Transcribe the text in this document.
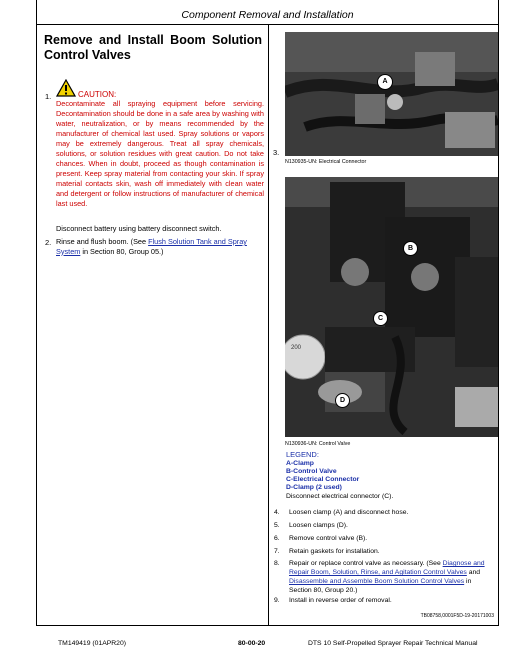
Component Removal and Installation
Remove and Install Boom Solution Control Valves
1.	CAUTION:
Decontaminate all spraying equipment before servicing. Decontamination should be done in a safe area by washing with water, neutralization, or by means recommended by the manufacturer of chemical last used. Spray solutions or vapors may be extremely dangerous. Treat all spray chemicals, solutions, or solution residues with great caution. Do not take chances. When in doubt, proceed as though contamination is present. Keep spray material from contacting your skin. If spray material contacts skin, wash off immediately with clean water and detergent or follow instructions of manufacturer of chemical last used.
Disconnect battery using battery disconnect switch.
2. Rinse and flush boom. (See Flush Solution Tank and Spray System in Section 80, Group 05.)
3.
A
N130935-UN: Electrical Connector
200
B
C
D
N130936-UN: Control Valve
LEGEND:
A-Clamp
B-Control Valve
C-Electrical Connector
D-Clamp (2 used)
Disconnect electrical connector (C).
4. Loosen clamp (A) and disconnect hose.
5. Loosen clamps (D).
6. Remove control valve (B).
7. Retain gaskets for installation.
8. Repair or replace control valve as necessary. (See Diagnose and Repair Boom, Solution, Rinse, and Agitation Control Valves and Disassemble and Assemble Boom Solution Control Valves in Section 80, Group 20.)
9. Install in reverse order of removal.
TB08758,0001F5D-19-20171003
TM149419 (01APR20)	80-00-20	DTS 10 Self-Propelled Sprayer Repair Technical Manual
